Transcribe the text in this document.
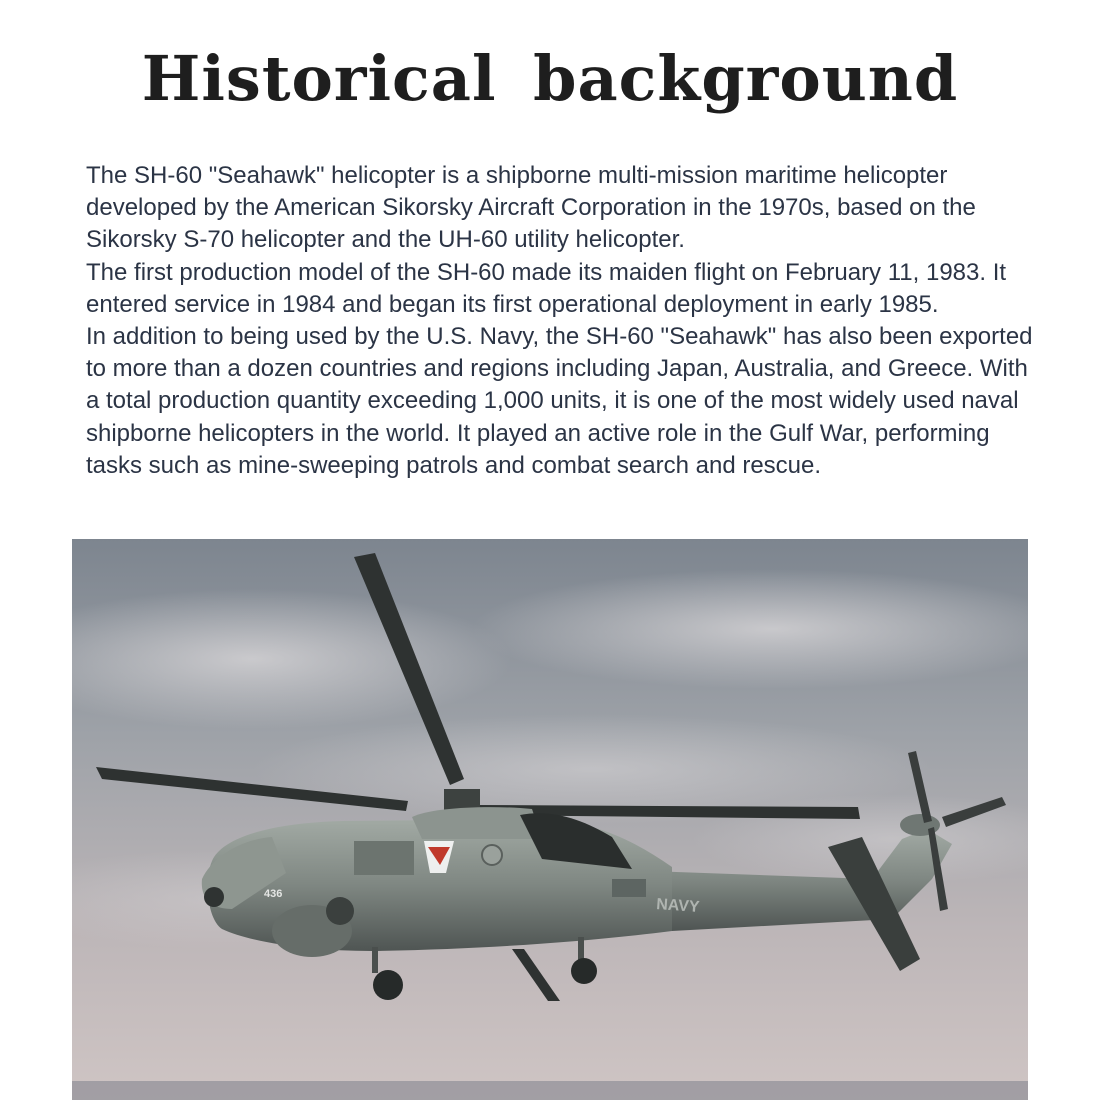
Historical background

The SH-60 "Seahawk" helicopter is a shipborne multi-mission maritime helicopter developed by the American Sikorsky Aircraft Corporation in the 1970s, based on the Sikorsky S-70 helicopter and the UH-60 utility helicopter.

The first production model of the SH-60 made its maiden flight on February 11, 1983. It entered service in 1984 and began its first operational deployment in early 1985.

In addition to being used by the U.S. Navy, the SH-60 "Seahawk" has also been exported to more than a dozen countries and regions including Japan, Australia, and Greece. With a total production quantity exceeding 1,000 units, it is one of the most widely used naval shipborne helicopters in the world. It played an active role in the Gulf War, performing tasks such as mine-sweeping patrols and combat search and rescue.

NAVY
436
